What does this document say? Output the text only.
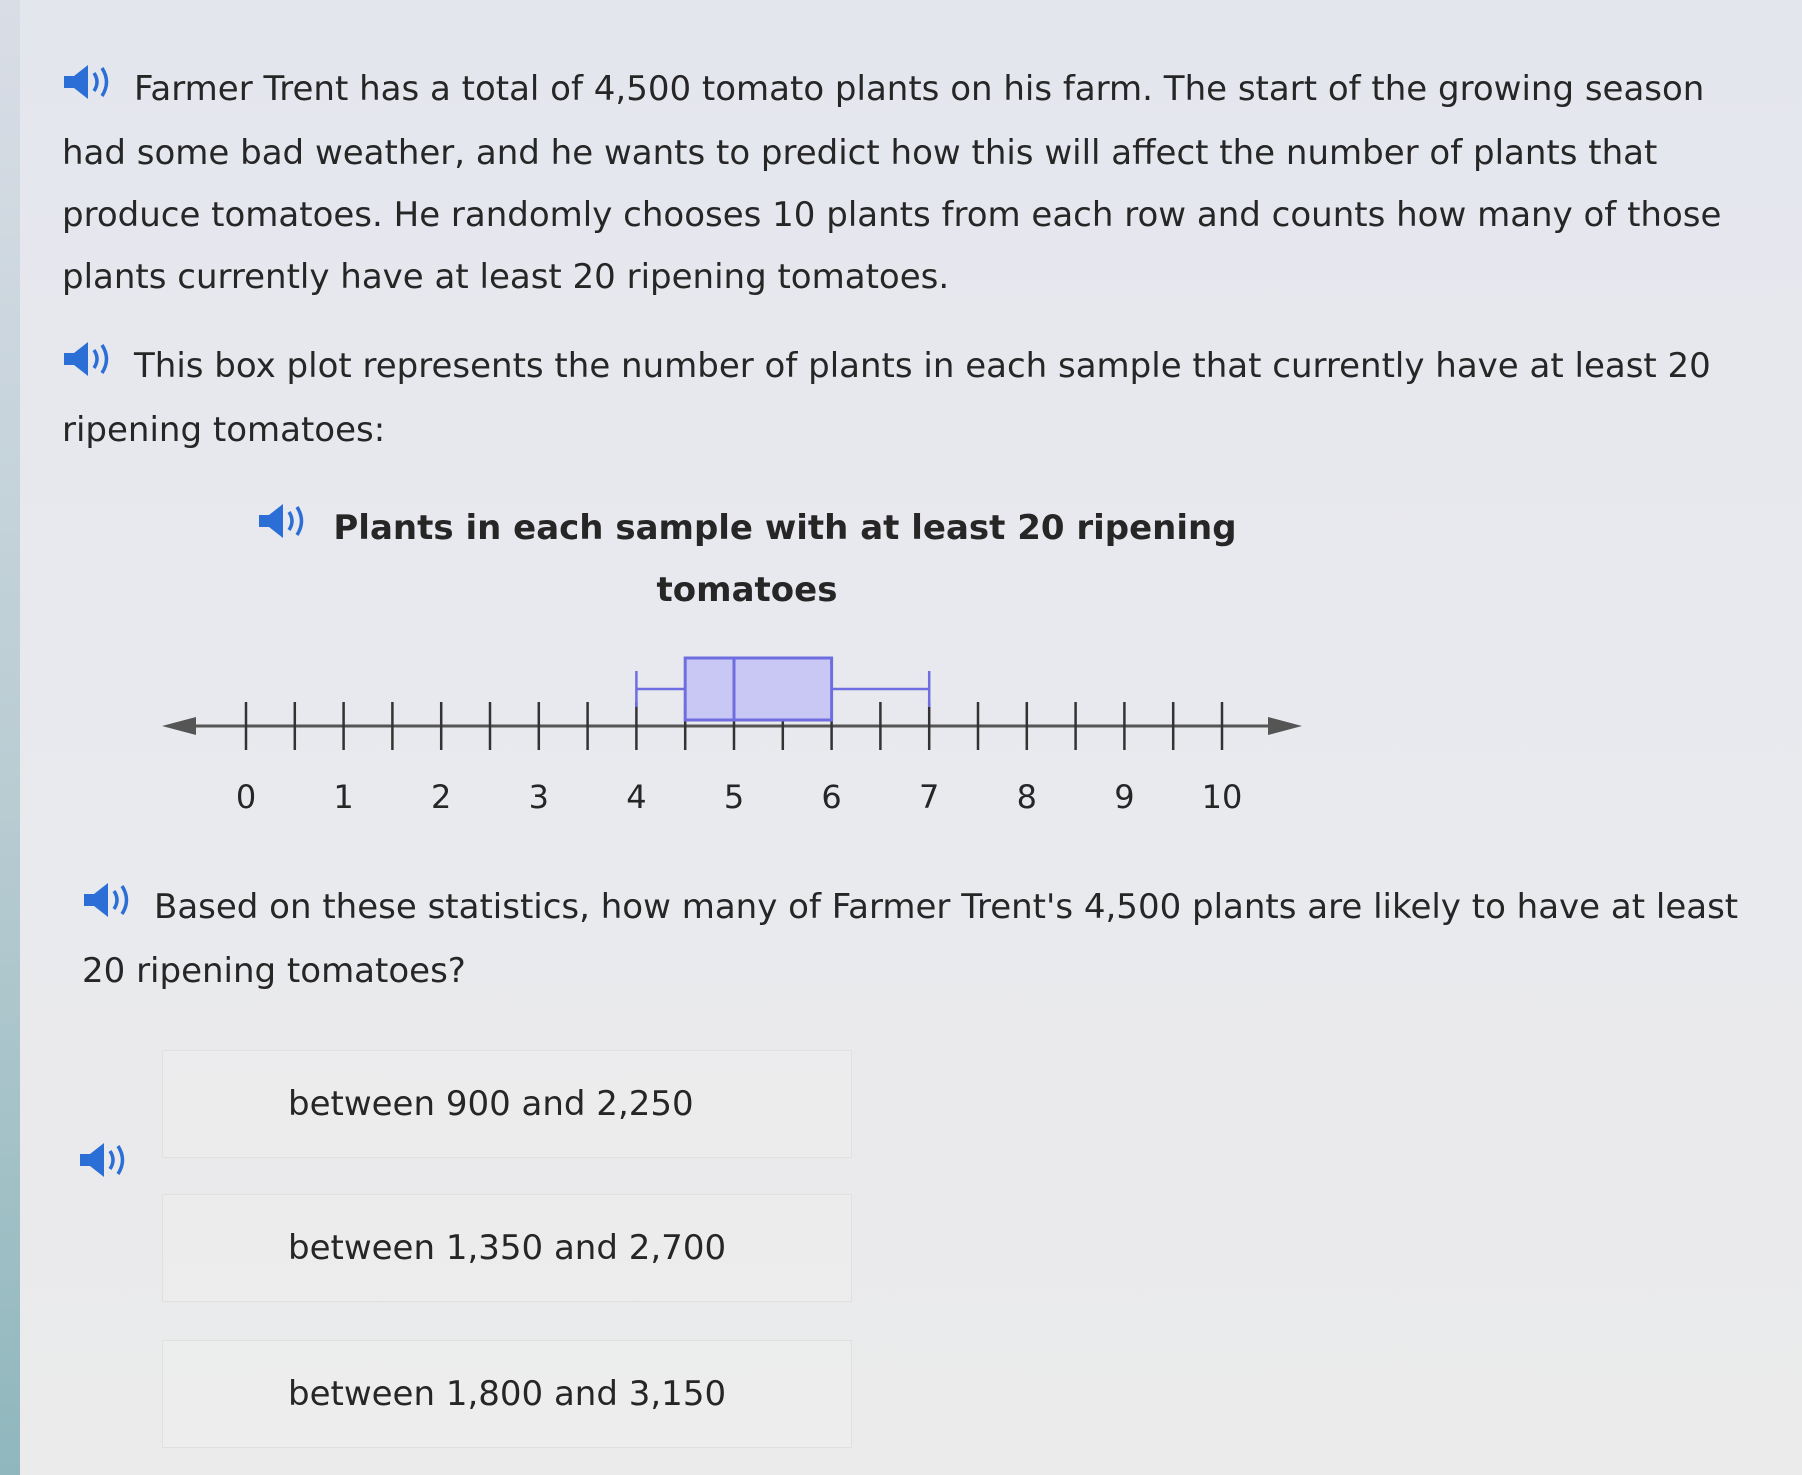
Farmer Trent has a total of 4,500 tomato plants on his farm. The start of the growing season had some bad weather, and he wants to predict how this will affect the number of plants that produce tomatoes. He randomly chooses 10 plants from each row and counts how many of those plants currently have at least 20 ripening tomatoes.

This box plot represents the number of plants in each sample that currently have at least 20 ripening tomatoes:

Plants in each sample with at least 20 ripening tomatoes
0 1 2 3 4 5 6 7 8 9 10

Based on these statistics, how many of Farmer Trent's 4,500 plants are likely to have at least 20 ripening tomatoes?

between 900 and 2,250
between 1,350 and 2,700
between 1,800 and 3,150
